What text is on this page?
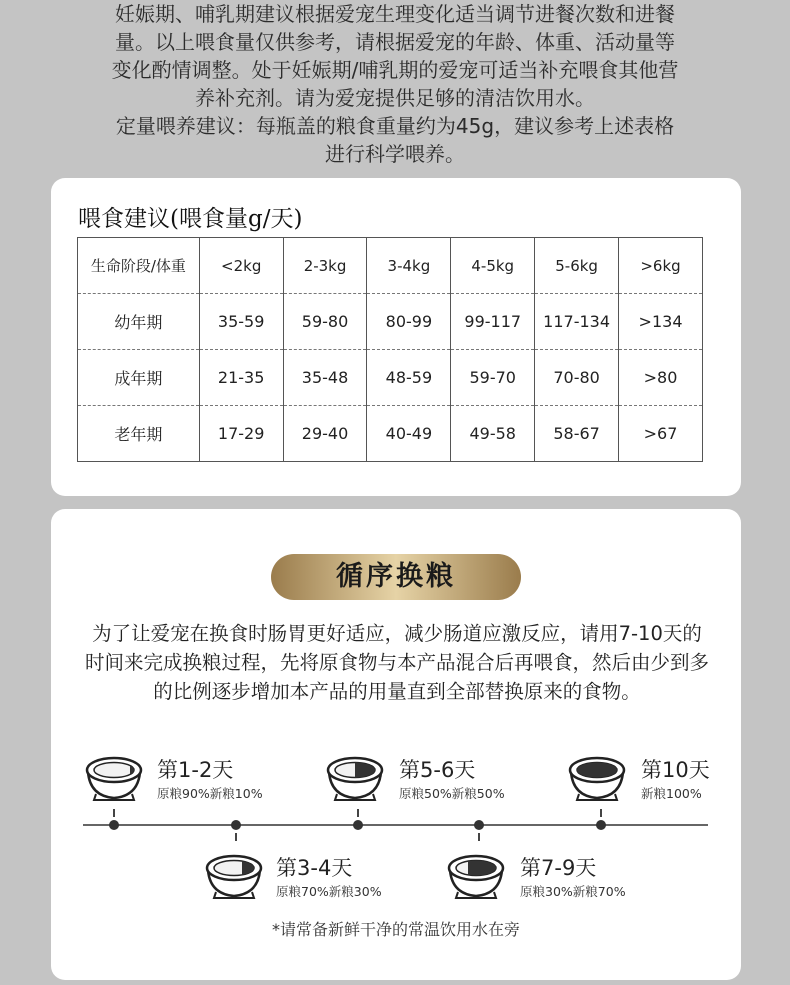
妊娠期、哺乳期建议根据爱宠生理变化适当调节进餐次数和进餐

量。以上喂食量仅供参考，请根据爱宠的年龄、体重、活动量等

变化酌情调整。处于妊娠期/哺乳期的爱宠可适当补充喂食其他营

养补充剂。请为爱宠提供足够的清洁饮用水。

定量喂养建议：每瓶盖的粮食重量约为45g，建议参考上述表格

进行科学喂养。

喂食建议(喂食量g/天)
生命阶段/体重	<2kg	2-3kg	3-4kg	4-5kg	5-6kg	>6kg
幼年期	35-59	59-80	80-99	99-117	117-134	>134
成年期	21-35	35-48	48-59	59-70	70-80	>80
老年期	17-29	29-40	40-49	49-58	58-67	>67
循序换粮

为了让爱宠在换食时肠胃更好适应，减少肠道应激反应，请用7-10天的时间来完成换粮过程，先将原食物与本产品混合后再喂食，然后由少到多的比例逐步增加本产品的用量直到全部替换原来的食物。

第1-2天
原粮90%新粮10%
第3-4天
原粮70%新粮30%
第5-6天
原粮50%新粮50%
第7-9天
原粮30%新粮70%
第10天
新粮100%
*请常备新鲜干净的常温饮用水在旁
